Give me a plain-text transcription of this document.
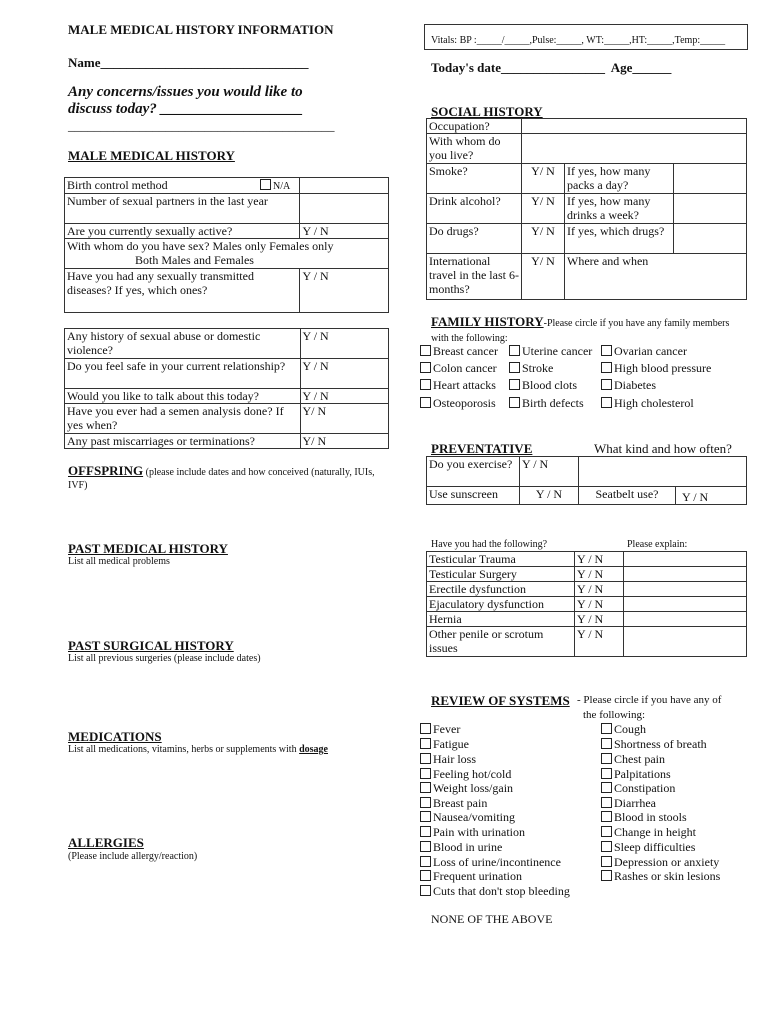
MALE MEDICAL HISTORY INFORMATION
Name________________________________
Any concerns/issues you would like to
discuss today? ___________________
_________________________________________
MALE MEDICAL HISTORY
Birth control method N/A	

Number of sexual partners in the last year	
Are you currently sexually active?	Y / N

With whom do you have sex? Males only Females only
Both Males and Females	

Have you had any sexually transmitted diseases? If yes, which ones?	Y / N
Any history of sexual abuse or domestic violence?	Y / N
Do you feel safe in your current relationship?	Y / N
Would you like to talk about this today?	Y / N
Have you ever had a semen analysis done? If yes when?	Y/ N
Any past miscarriages or terminations?	Y/ N
OFFSPRING (please include dates and how conceived (naturally, IUIs, IVF)
PAST MEDICAL HISTORY
List all medical problems
PAST SURGICAL HISTORY
List all previous surgeries (please include dates)
MEDICATIONS
List all medications, vitamins, herbs or supplements with dosage
ALLERGIES
(Please include allergy/reaction)
Vitals: BP :_____/_____,Pulse:_____, WT:_____,HT:_____,Temp:_____
Today's date________________  Age______
SOCIAL HISTORY
Occupation?			
With whom do you live?			
Smoke?	Y/ N	If yes, how many packs a day?	
Drink alcohol?	Y/ N	If yes, how many drinks a week?	
Do drugs?	Y/ N	If yes, which drugs?	
International travel in the last 6-months?	Y/ N	Where and when	
FAMILY HISTORY-Please circle if you have any family members with the following:
Breast cancer	Uterine cancer	Ovarian cancer
Colon cancer	Stroke	High blood pressure
Heart attacks	Blood clots	Diabetes
Osteoporosis	Birth defects	High cholesterol
PREVENTATIVE	What kind and how often?
Do you exercise?	Y / N		
Use sunscreen	Y / N	Seatbelt use?	Y / N
Have you had the following?	Please explain:
Testicular Trauma	Y / N	
Testicular Surgery	Y / N	
Erectile dysfunction	Y / N	
Ejaculatory dysfunction	Y / N	
Hernia	Y / N	
Other penile or scrotum issues	Y / N	
REVIEW OF SYSTEMS - Please circle if you have any of
the following:
Fever
Fatigue
Hair loss
Feeling hot/cold
Weight loss/gain
Breast pain
Nausea/vomiting
Pain with urination
Blood in urine
Loss of urine/incontinence
Frequent urination
Cuts that don't stop bleeding
Cough
Shortness of breath
Chest pain
Palpitations
Constipation
Diarrhea
Blood in stools
Change in height
Sleep difficulties
Depression or anxiety
Rashes or skin lesions
NONE OF THE ABOVE
